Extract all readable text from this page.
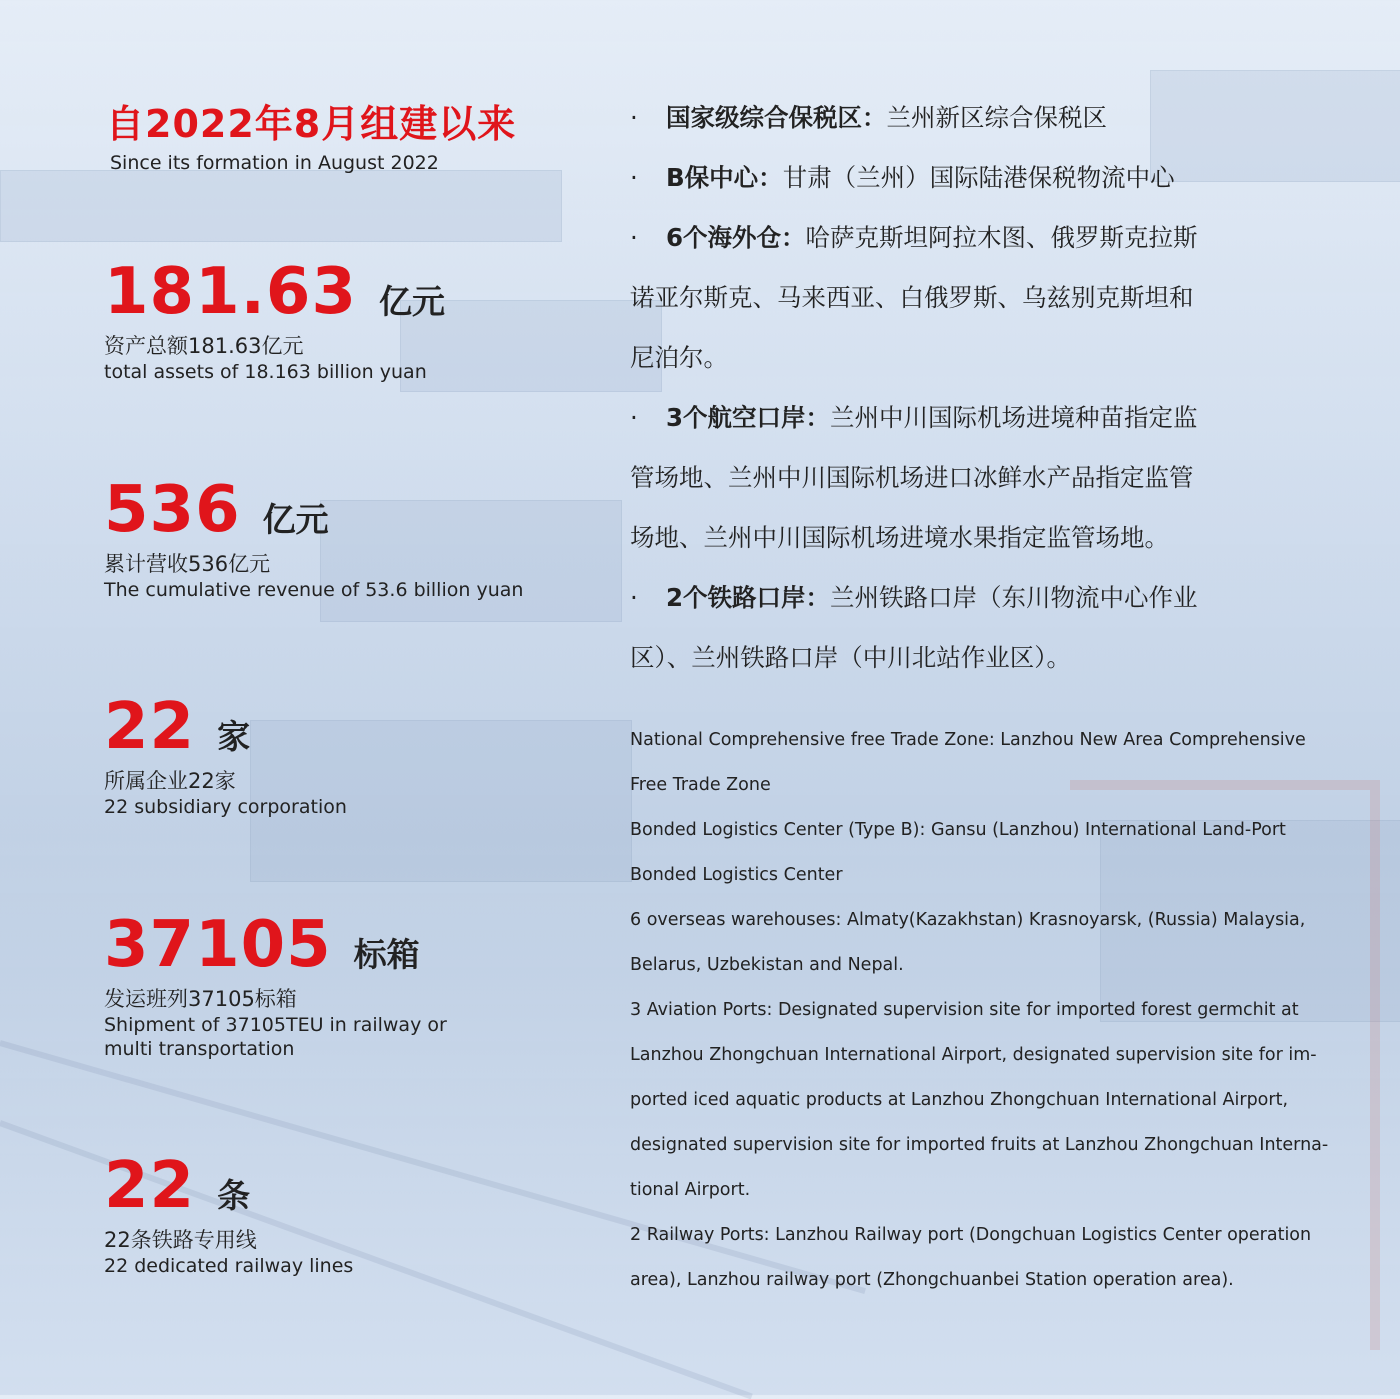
自2022年8月组建以来
Since its formation in August 2022
181.63 亿元
资产总额181.63亿元
total assets of 18.163 billion yuan
536 亿元
累计营收536亿元
The cumulative revenue of 53.6 billion yuan
22 家
所属企业22家
22 subsidiary corporation
37105 标箱
发运班列37105标箱
Shipment of 37105TEU in railway or
multi transportation
22 条
22条铁路专用线
22 dedicated railway lines
· 国家级综合保税区：兰州新区综合保税区
· B保中心：甘肃（兰州）国际陆港保税物流中心
· 6个海外仓：哈萨克斯坦阿拉木图、俄罗斯克拉斯
诺亚尔斯克、马来西亚、白俄罗斯、乌兹别克斯坦和
尼泊尔。
· 3个航空口岸：兰州中川国际机场进境种苗指定监
管场地、兰州中川国际机场进口冰鲜水产品指定监管
场地、兰州中川国际机场进境水果指定监管场地。
· 2个铁路口岸：兰州铁路口岸（东川物流中心作业
区）、兰州铁路口岸（中川北站作业区）。
National Comprehensive free Trade Zone: Lanzhou New Area Comprehensive
Free Trade Zone
Bonded Logistics Center (Type B): Gansu (Lanzhou) International Land-Port
Bonded Logistics Center
6 overseas warehouses: Almaty(Kazakhstan) Krasnoyarsk, (Russia) Malaysia,
Belarus, Uzbekistan and Nepal.
3 Aviation Ports: Designated supervision site for imported forest germchit at
Lanzhou Zhongchuan International Airport, designated supervision site for im-
ported iced aquatic products at Lanzhou Zhongchuan International Airport,
designated supervision site for imported fruits at Lanzhou Zhongchuan Interna-
tional Airport.
2 Railway Ports: Lanzhou Railway port (Dongchuan Logistics Center operation
area), Lanzhou railway port (Zhongchuanbei Station operation area).
